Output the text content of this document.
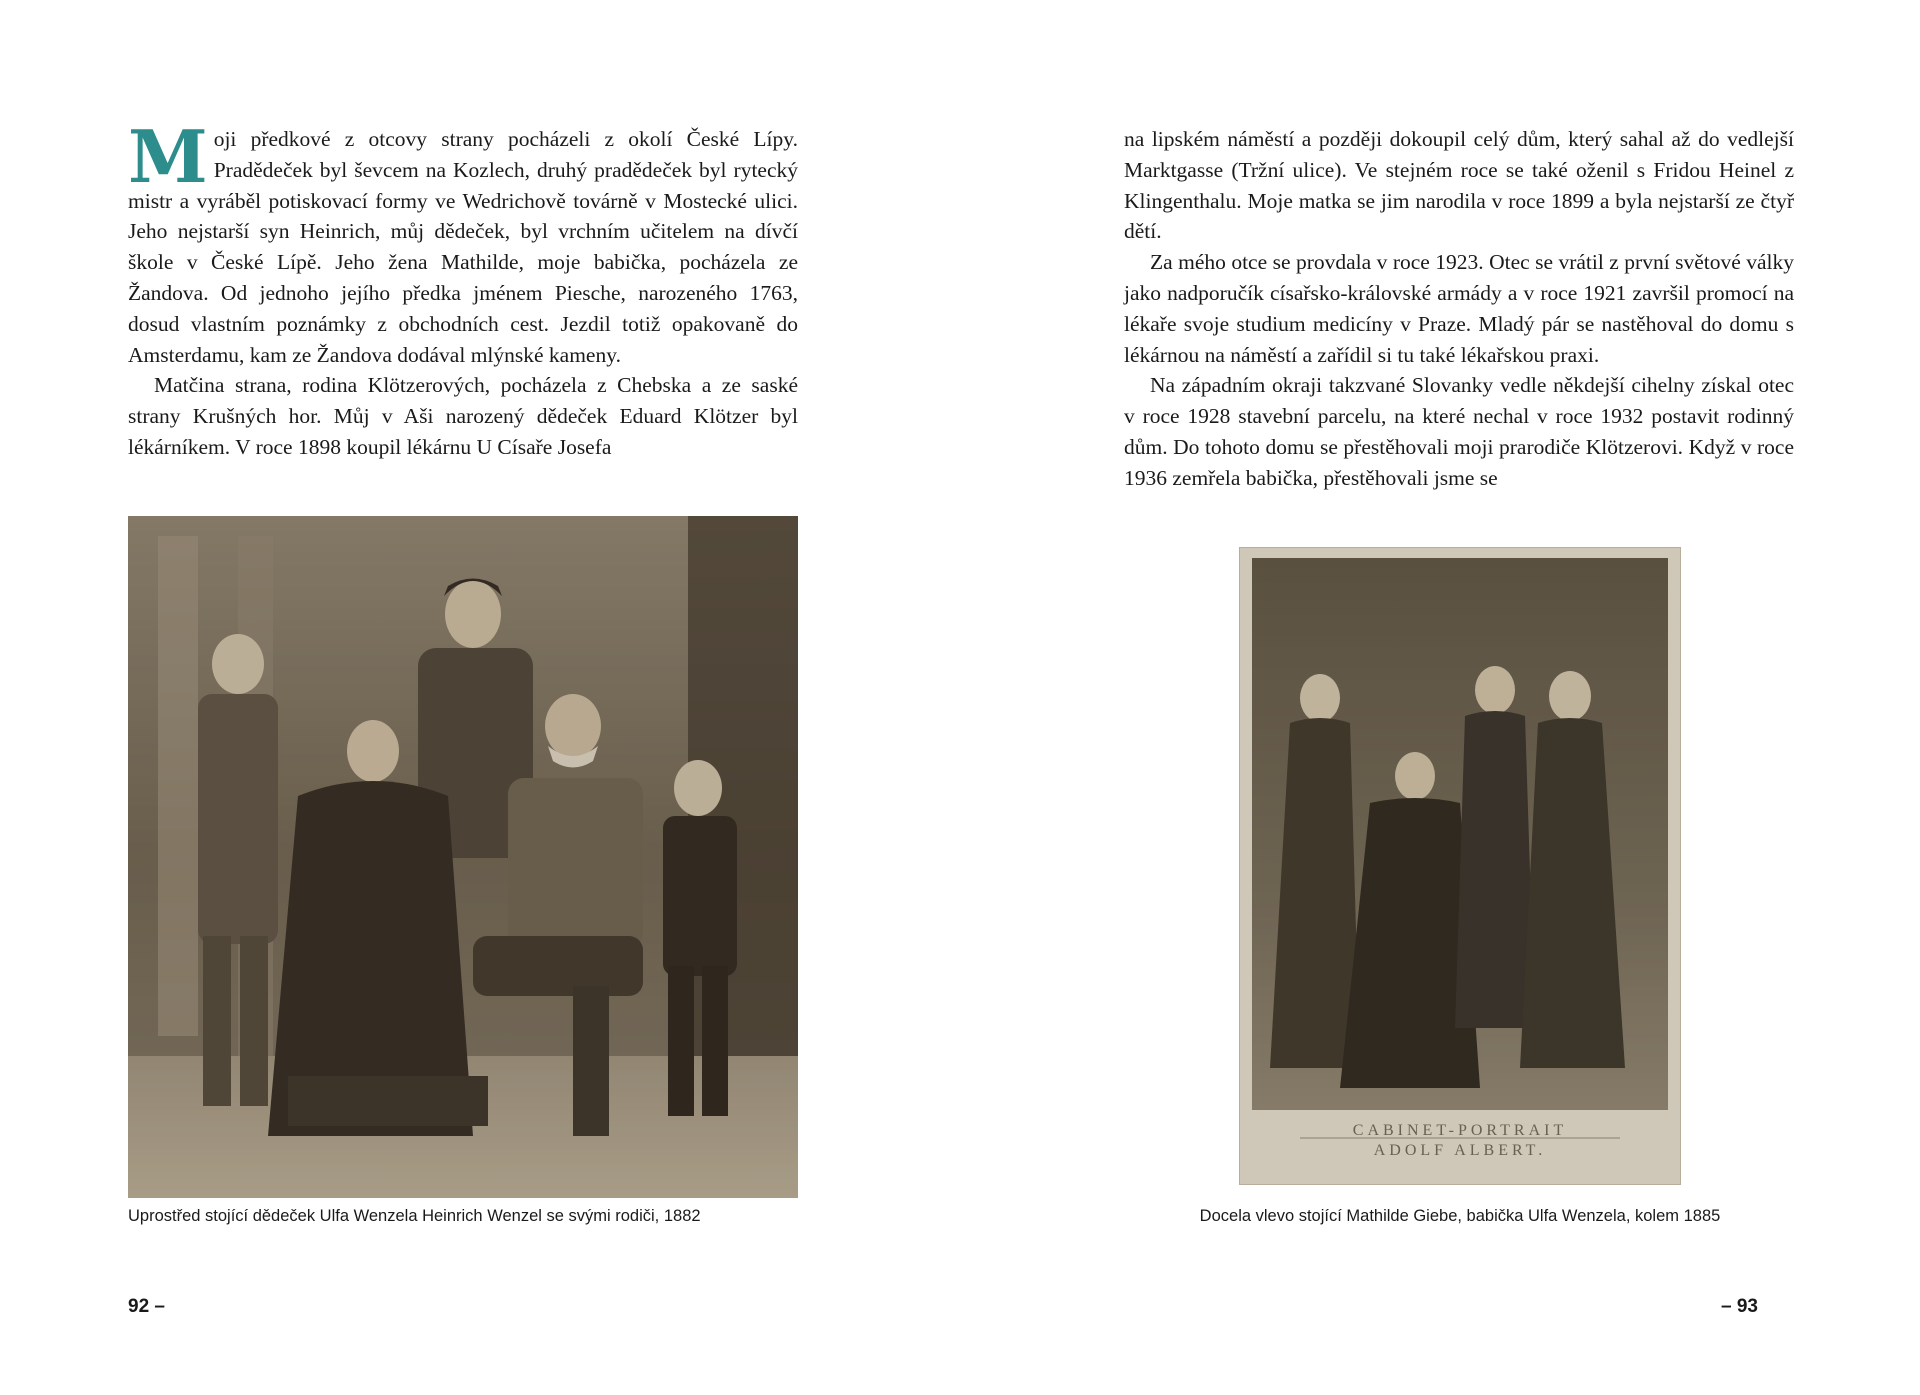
Moji předkové z otcovy strany pocházeli z okolí České Lípy. Pradědeček byl ševcem na Kozlech, druhý pradědeček byl rytecký mistr a vyráběl potiskovací formy ve Wedrichově továrně v Mostecké ulici. Jeho nejstarší syn Heinrich, můj dědeček, byl vrchním učitelem na dívčí škole v České Lípě. Jeho žena Mathilde, moje babička, pocházela ze Žandova. Od jednoho jejího předka jménem Piesche, narozeného 1763, dosud vlastním poznámky z obchodních cest. Jezdil totiž opakovaně do Amsterdamu, kam ze Žandova dodával mlýnské kameny.

Matčina strana, rodina Klötzerových, pocházela z Chebska a ze saské strany Krušných hor. Můj v Aši narozený dědeček Eduard Klötzer byl lékárníkem. V roce 1898 koupil lékárnu U Císaře Josefa

Uprostřed stojící dědeček Ulfa Wenzela Heinrich Wenzel se svými rodiči, 1882
92 –

na lipském náměstí a později dokoupil celý dům, který sahal až do vedlejší Marktgasse (Tržní ulice). Ve stejném roce se také oženil s Fridou Heinel z Klingenthalu. Moje matka se jim narodila v roce 1899 a byla nejstarší ze čtyř dětí.

Za mého otce se provdala v roce 1923. Otec se vrátil z první světové války jako nadporučík císařsko-královské armády a v roce 1921 završil promocí na lékaře svoje studium medicíny v Praze. Mladý pár se nastěhoval do domu s lékárnou na náměstí a zařídil si tu také lékařskou praxi.

Na západním okraji takzvané Slovanky vedle někdejší cihelny získal otec v roce 1928 stavební parcelu, na které nechal v roce 1932 postavit rodinný dům. Do tohoto domu se přestěhovali moji prarodiče Klötzerovi. Když v roce 1936 zemřela babička, přestěhovali jsme se

CABINET-PORTRAIT
ADOLF ALBERT.
Docela vlevo stojící Mathilde Giebe, babička Ulfa Wenzela, kolem 1885
– 93
